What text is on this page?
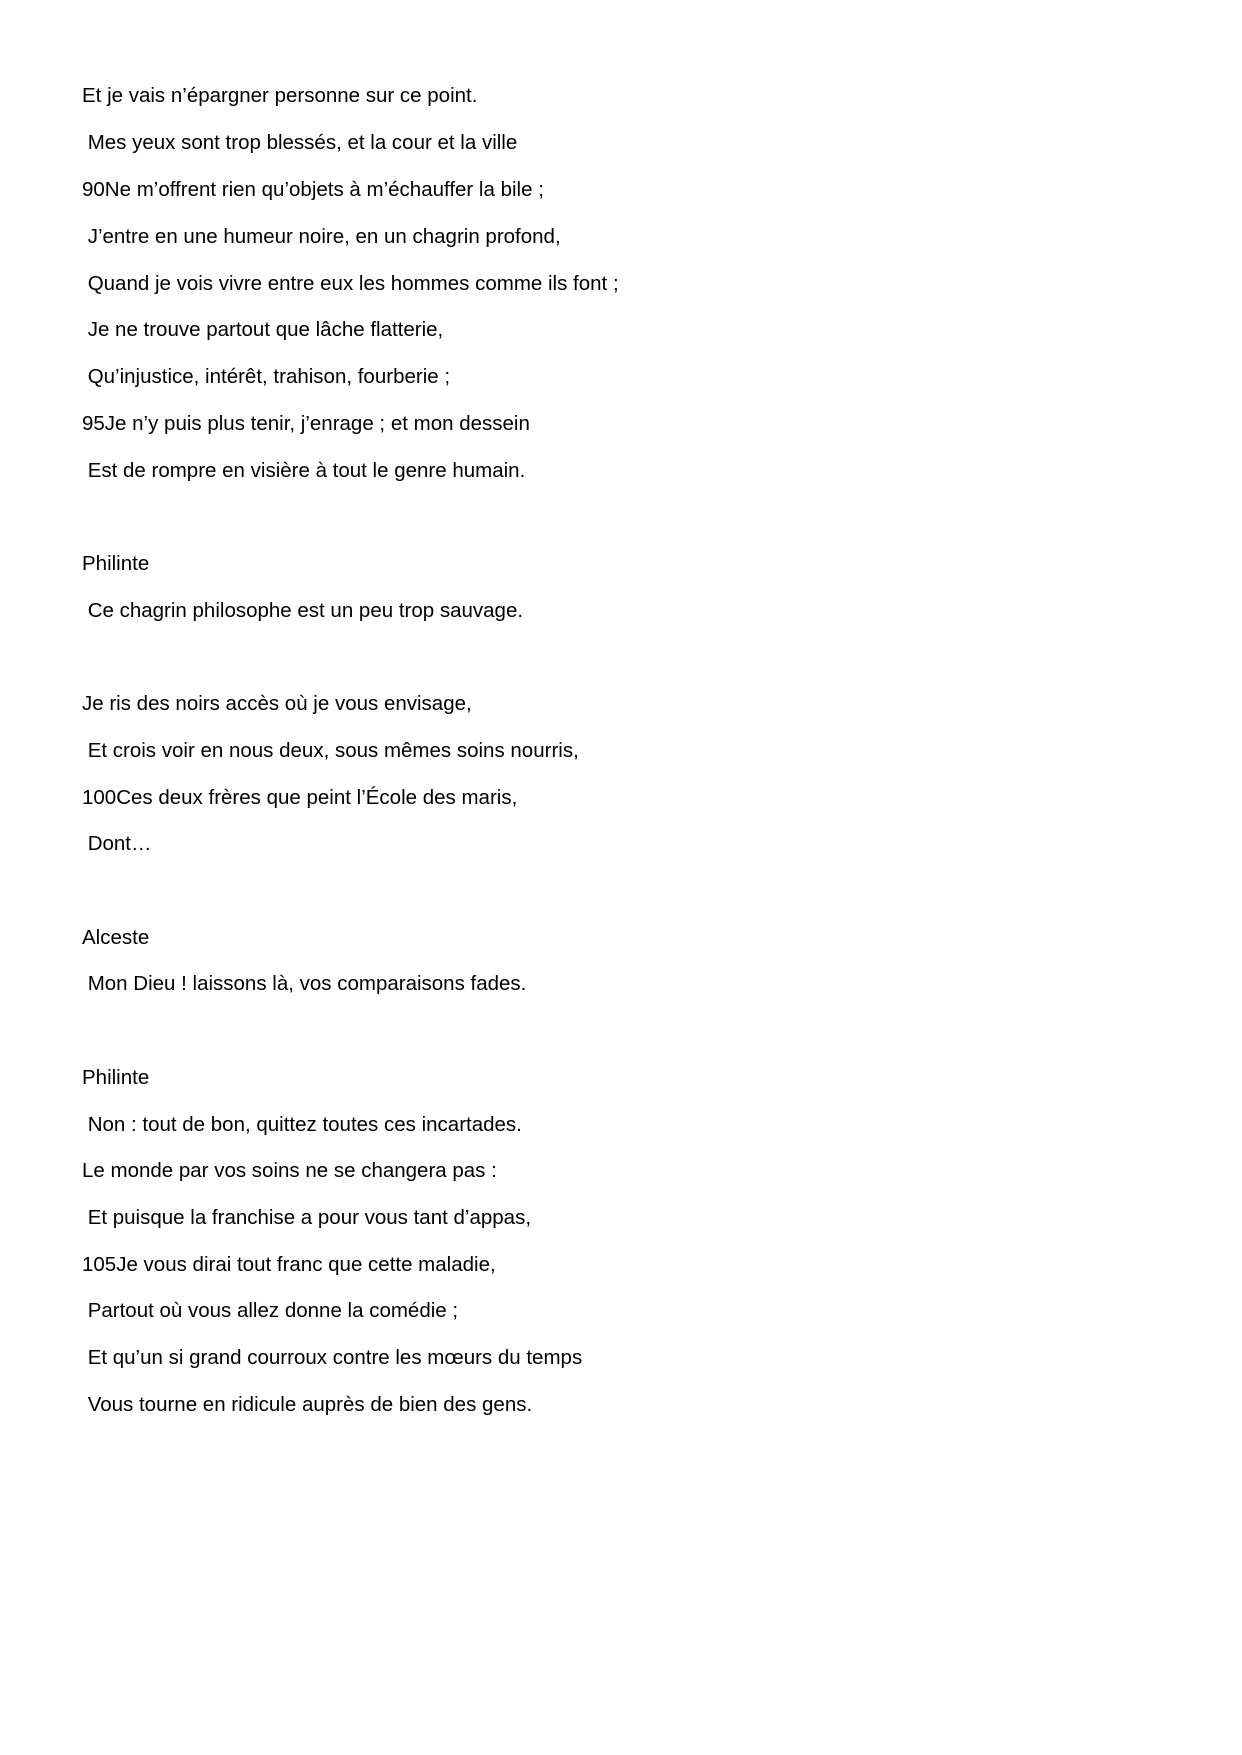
Et je vais n’épargner personne sur ce point.
Mes yeux sont trop blessés, et la cour et la ville
90Ne m’offrent rien qu’objets à m’échauffer la bile ;
J’entre en une humeur noire, en un chagrin profond,
Quand je vois vivre entre eux les hommes comme ils font ;
Je ne trouve partout que lâche flatterie,
Qu’injustice, intérêt, trahison, fourberie ;
95Je n’y puis plus tenir, j’enrage ; et mon dessein
Est de rompre en visière à tout le genre humain.
Philinte
Ce chagrin philosophe est un peu trop sauvage.
Je ris des noirs accès où je vous envisage,
Et crois voir en nous deux, sous mêmes soins nourris,
100Ces deux frères que peint l’École des maris,
Dont…
Alceste
Mon Dieu ! laissons là, vos comparaisons fades.
Philinte
Non : tout de bon, quittez toutes ces incartades.
Le monde par vos soins ne se changera pas :
Et puisque la franchise a pour vous tant d’appas,
105Je vous dirai tout franc que cette maladie,
Partout où vous allez donne la comédie ;
Et qu’un si grand courroux contre les mœurs du temps
Vous tourne en ridicule auprès de bien des gens.
